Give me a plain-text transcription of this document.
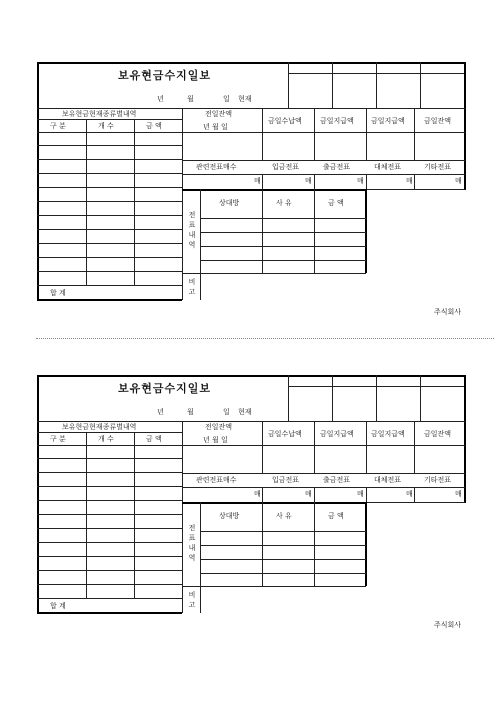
보유현금수지일보
년	월	일 현재
보유현금현재종류별내역
구 분	개 수	금 액
합 계
전일잔액
년 월 일
금일수납액	금일지급액 금일지급액	금일잔액
관련전표매수	입금전표	출금전표	대체전표	기타전표
매	매	매	매	매
전표내역
상대방	사 유	금 액
비고
주식회사
보유현금수지일보
년	월	일 현재
보유현금현재종류별내역
구 분	개 수	금 액
합 계
전일잔액
년 월 일
금일수납액	금일지급액 금일지급액	금일잔액
관련전표매수	입금전표	출금전표	대체전표	기타전표
매	매	매	매	매
전표내역
상대방	사 유	금 액
비고
주식회사
